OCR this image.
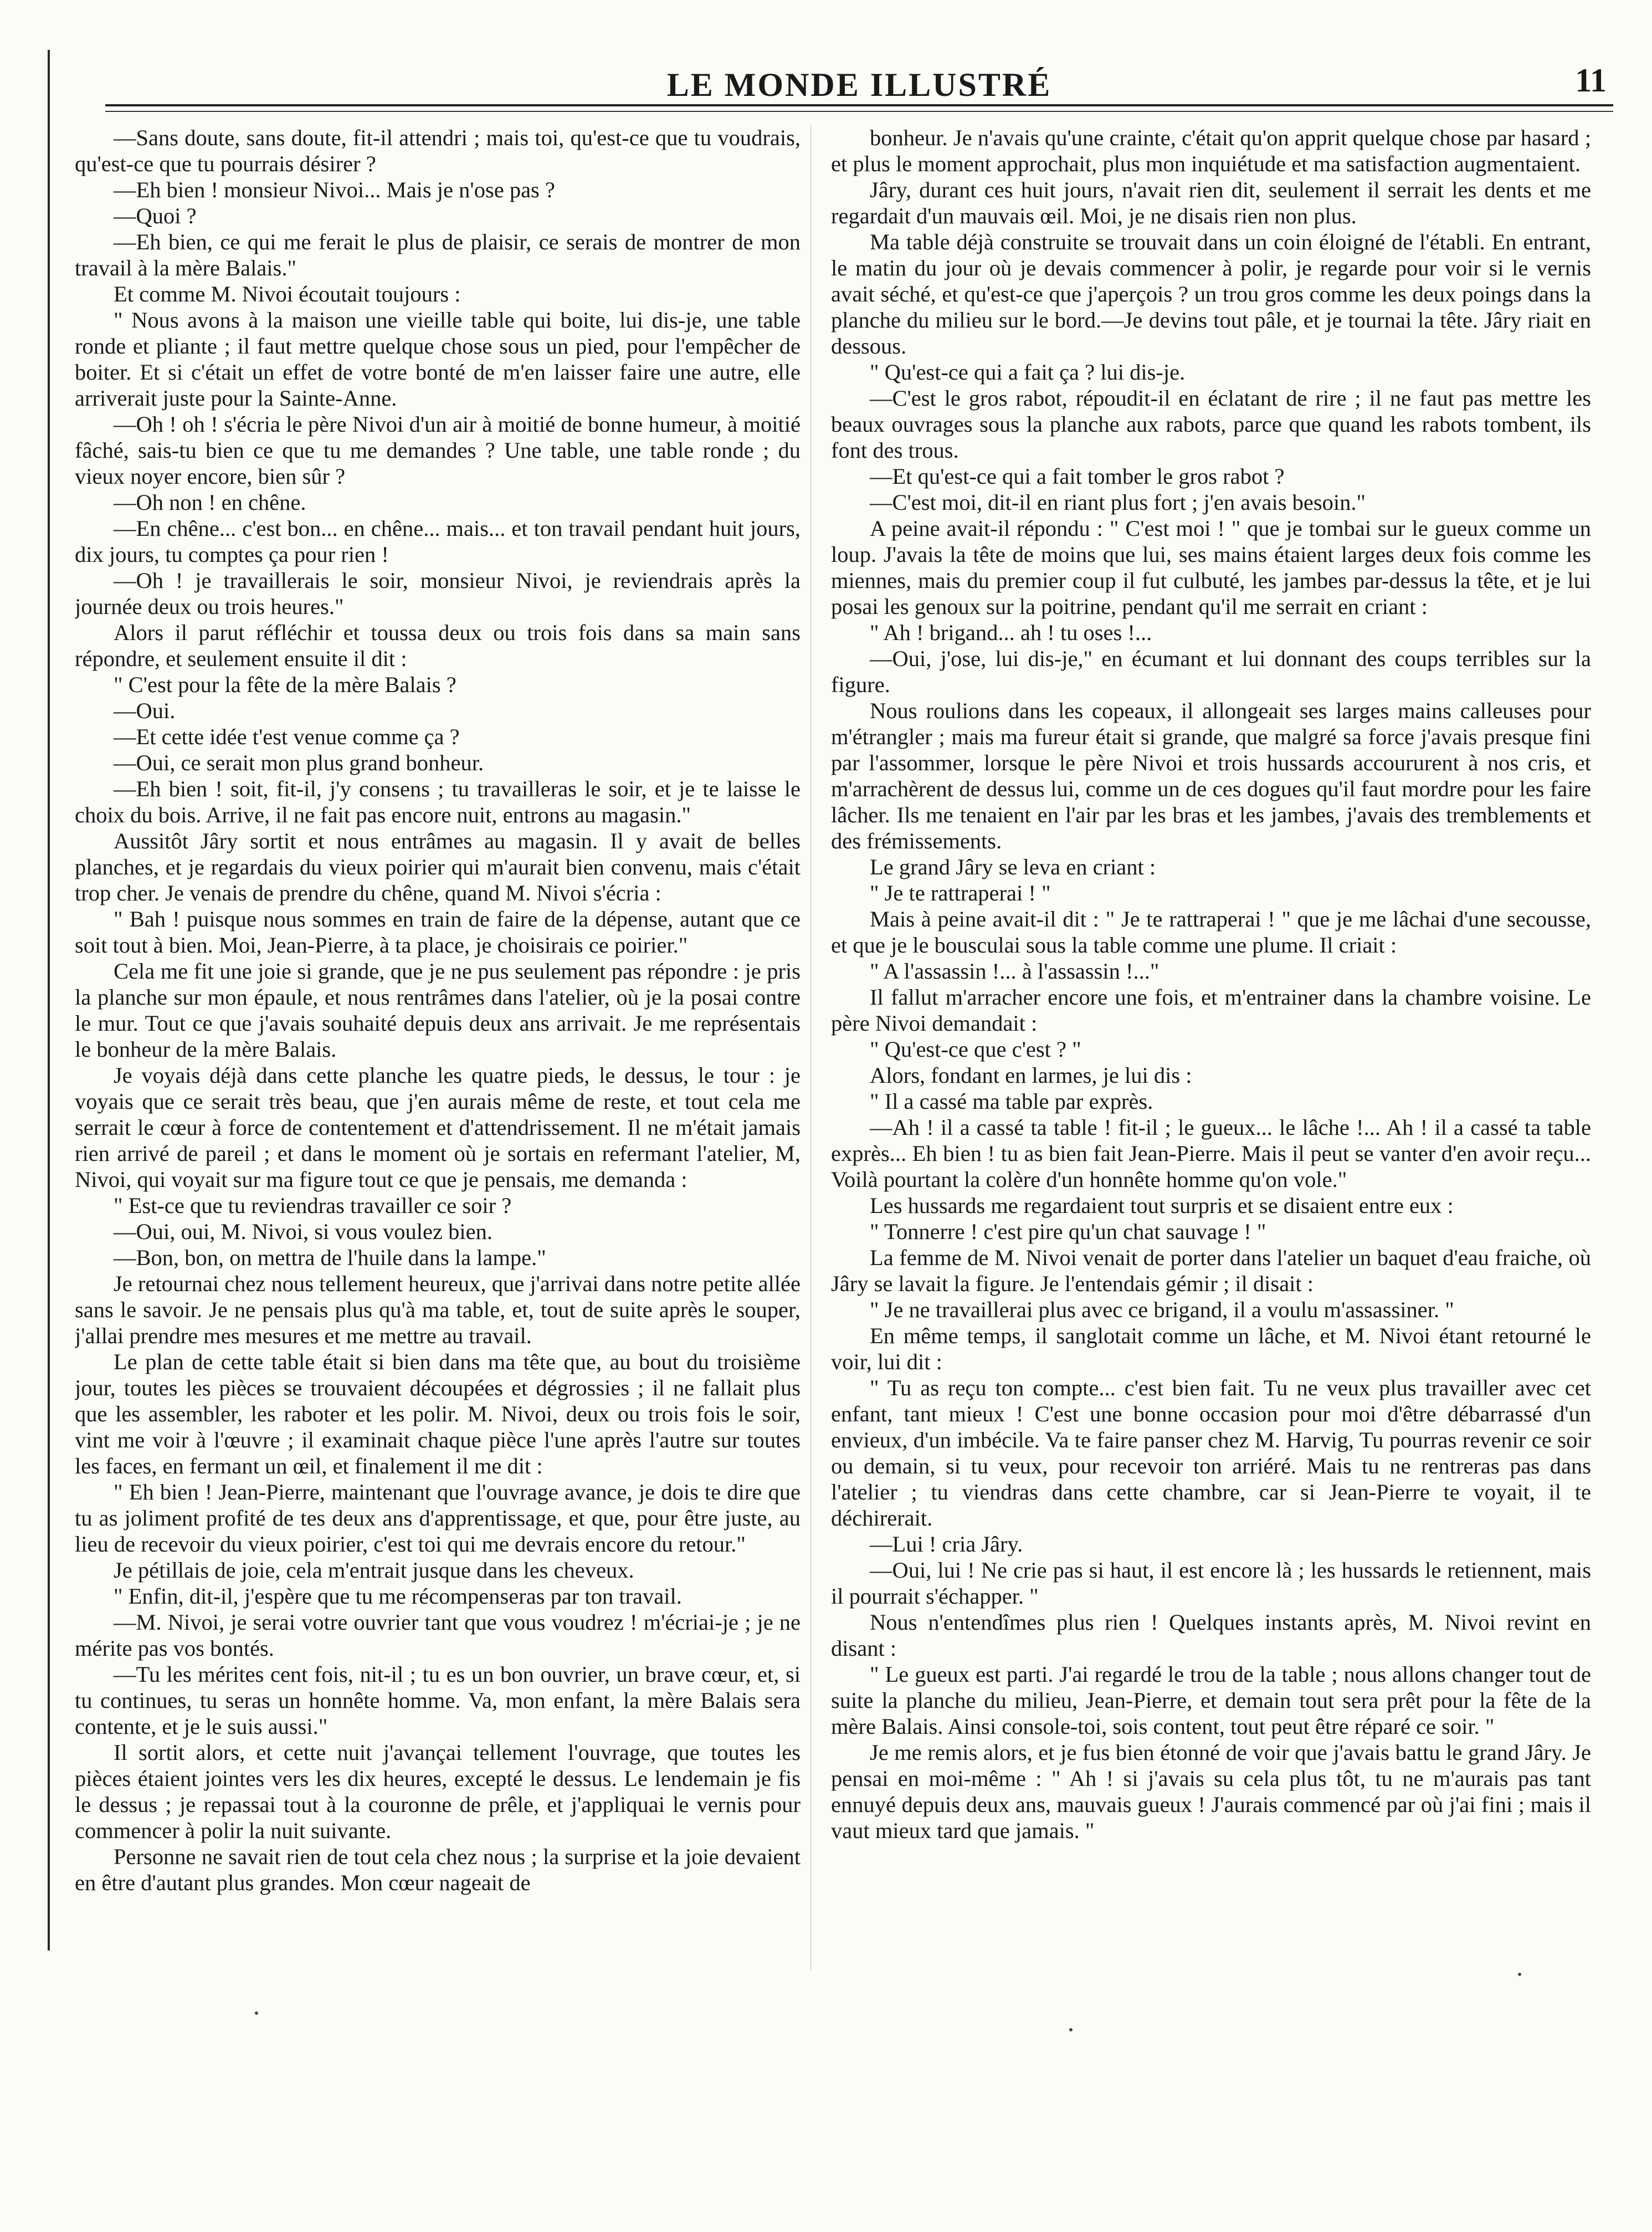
LE MONDE ILLUSTRÉ	11

—Sans doute, sans doute, fit-il attendri ; mais toi, qu'est-ce que tu voudrais, qu'est-ce que tu pourrais désirer ?

—Eh bien ! monsieur Nivoi... Mais je n'ose pas ?

—Quoi ?

—Eh bien, ce qui me ferait le plus de plaisir, ce serais de montrer de mon travail à la mère Balais."

Et comme M. Nivoi écoutait toujours :

" Nous avons à la maison une vieille table qui boite, lui dis-je, une table ronde et pliante ; il faut mettre quelque chose sous un pied, pour l'empêcher de boiter. Et si c'était un effet de votre bonté de m'en laisser faire une autre, elle arriverait juste pour la Sainte-Anne.

—Oh ! oh ! s'écria le père Nivoi d'un air à moitié de bonne humeur, à moitié fâché, sais-tu bien ce que tu me demandes ? Une table, une table ronde ; du vieux noyer encore, bien sûr ?

—Oh non ! en chêne.

—En chêne... c'est bon... en chêne... mais... et ton travail pendant huit jours, dix jours, tu comptes ça pour rien !

—Oh ! je travaillerais le soir, monsieur Nivoi, je reviendrais après la journée deux ou trois heures."

Alors il parut réfléchir et toussa deux ou trois fois dans sa main sans répondre, et seulement ensuite il dit :

" C'est pour la fête de la mère Balais ?

—Oui.

—Et cette idée t'est venue comme ça ?

—Oui, ce serait mon plus grand bonheur.

—Eh bien ! soit, fit-il, j'y consens ; tu travailleras le soir, et je te laisse le choix du bois. Arrive, il ne fait pas encore nuit, entrons au magasin."

Aussitôt Jâry sortit et nous entrâmes au magasin. Il y avait de belles planches, et je regardais du vieux poirier qui m'aurait bien convenu, mais c'était trop cher. Je venais de prendre du chêne, quand M. Nivoi s'écria :

" Bah ! puisque nous sommes en train de faire de la dépense, autant que ce soit tout à bien. Moi, Jean-Pierre, à ta place, je choisirais ce poirier."

Cela me fit une joie si grande, que je ne pus seulement pas répondre : je pris la planche sur mon épaule, et nous rentrâmes dans l'atelier, où je la posai contre le mur. Tout ce que j'avais souhaité depuis deux ans arrivait. Je me représentais le bonheur de la mère Balais.

Je voyais déjà dans cette planche les quatre pieds, le dessus, le tour : je voyais que ce serait très beau, que j'en aurais même de reste, et tout cela me serrait le cœur à force de contentement et d'attendrissement. Il ne m'était jamais rien arrivé de pareil ; et dans le moment où je sortais en refermant l'atelier, M, Nivoi, qui voyait sur ma figure tout ce que je pensais, me demanda :

" Est-ce que tu reviendras travailler ce soir ?

—Oui, oui, M. Nivoi, si vous voulez bien.

—Bon, bon, on mettra de l'huile dans la lampe."

Je retournai chez nous tellement heureux, que j'arrivai dans notre petite allée sans le savoir. Je ne pensais plus qu'à ma table, et, tout de suite après le souper, j'allai prendre mes mesures et me mettre au travail.

Le plan de cette table était si bien dans ma tête que, au bout du troisième jour, toutes les pièces se trouvaient découpées et dégrossies ; il ne fallait plus que les assembler, les raboter et les polir. M. Nivoi, deux ou trois fois le soir, vint me voir à l'œuvre ; il examinait chaque pièce l'une après l'autre sur toutes les faces, en fermant un œil, et finalement il me dit :

" Eh bien ! Jean-Pierre, maintenant que l'ouvrage avance, je dois te dire que tu as joliment profité de tes deux ans d'apprentissage, et que, pour être juste, au lieu de recevoir du vieux poirier, c'est toi qui me devrais encore du retour."

Je pétillais de joie, cela m'entrait jusque dans les cheveux.

" Enfin, dit-il, j'espère que tu me récompenseras par ton travail.

—M. Nivoi, je serai votre ouvrier tant que vous voudrez ! m'écriai-je ; je ne mérite pas vos bontés.

—Tu les mérites cent fois, nit-il ; tu es un bon ouvrier, un brave cœur, et, si tu continues, tu seras un honnête homme. Va, mon enfant, la mère Balais sera contente, et je le suis aussi."

Il sortit alors, et cette nuit j'avançai tellement l'ouvrage, que toutes les pièces étaient jointes vers les dix heures, excepté le dessus. Le lendemain je fis le dessus ; je repassai tout à la couronne de prêle, et j'appliquai le vernis pour commencer à polir la nuit suivante.

Personne ne savait rien de tout cela chez nous ; la surprise et la joie devaient en être d'autant plus grandes. Mon cœur nageait de

bonheur. Je n'avais qu'une crainte, c'était qu'on apprit quelque chose par hasard ; et plus le moment approchait, plus mon inquiétude et ma satisfaction augmentaient.

Jâry, durant ces huit jours, n'avait rien dit, seulement il serrait les dents et me regardait d'un mauvais œil. Moi, je ne disais rien non plus.

Ma table déjà construite se trouvait dans un coin éloigné de l'établi. En entrant, le matin du jour où je devais commencer à polir, je regarde pour voir si le vernis avait séché, et qu'est-ce que j'aperçois ? un trou gros comme les deux poings dans la planche du milieu sur le bord.—Je devins tout pâle, et je tournai la tête. Jâry riait en dessous.

" Qu'est-ce qui a fait ça ? lui dis-je.

—C'est le gros rabot, répoudit-il en éclatant de rire ; il ne faut pas mettre les beaux ouvrages sous la planche aux rabots, parce que quand les rabots tombent, ils font des trous.

—Et qu'est-ce qui a fait tomber le gros rabot ?

—C'est moi, dit-il en riant plus fort ; j'en avais besoin."

A peine avait-il répondu : " C'est moi ! " que je tombai sur le gueux comme un loup. J'avais la tête de moins que lui, ses mains étaient larges deux fois comme les miennes, mais du premier coup il fut culbuté, les jambes par-dessus la tête, et je lui posai les genoux sur la poitrine, pendant qu'il me serrait en criant :

" Ah ! brigand... ah ! tu oses !...

—Oui, j'ose, lui dis-je," en écumant et lui donnant des coups terribles sur la figure.

Nous roulions dans les copeaux, il allongeait ses larges mains calleuses pour m'étrangler ; mais ma fureur était si grande, que malgré sa force j'avais presque fini par l'assommer, lorsque le père Nivoi et trois hussards accoururent à nos cris, et m'arrachèrent de dessus lui, comme un de ces dogues qu'il faut mordre pour les faire lâcher. Ils me tenaient en l'air par les bras et les jambes, j'avais des tremblements et des frémissements.

Le grand Jâry se leva en criant :

" Je te rattraperai ! "

Mais à peine avait-il dit : " Je te rattraperai ! " que je me lâchai d'une secousse, et que je le bousculai sous la table comme une plume. Il criait :

" A l'assassin !... à l'assassin !..."

Il fallut m'arracher encore une fois, et m'entrainer dans la chambre voisine. Le père Nivoi demandait :

" Qu'est-ce que c'est ? "

Alors, fondant en larmes, je lui dis :

" Il a cassé ma table par exprès.

—Ah ! il a cassé ta table ! fit-il ; le gueux... le lâche !... Ah ! il a cassé ta table exprès... Eh bien ! tu as bien fait Jean-Pierre. Mais il peut se vanter d'en avoir reçu... Voilà pourtant la colère d'un honnête homme qu'on vole."

Les hussards me regardaient tout surpris et se disaient entre eux :

" Tonnerre ! c'est pire qu'un chat sauvage ! "

La femme de M. Nivoi venait de porter dans l'atelier un baquet d'eau fraiche, où Jâry se lavait la figure. Je l'entendais gémir ; il disait :

" Je ne travaillerai plus avec ce brigand, il a voulu m'assassiner. "

En même temps, il sanglotait comme un lâche, et M. Nivoi étant retourné le voir, lui dit :

" Tu as reçu ton compte... c'est bien fait. Tu ne veux plus travailler avec cet enfant, tant mieux ! C'est une bonne occasion pour moi d'être débarrassé d'un envieux, d'un imbécile. Va te faire panser chez M. Harvig, Tu pourras revenir ce soir ou demain, si tu veux, pour recevoir ton arriéré. Mais tu ne rentreras pas dans l'atelier ; tu viendras dans cette chambre, car si Jean-Pierre te voyait, il te déchirerait.

—Lui ! cria Jâry.

—Oui, lui ! Ne crie pas si haut, il est encore là ; les hussards le retiennent, mais il pourrait s'échapper. "

Nous n'entendîmes plus rien ! Quelques instants après, M. Nivoi revint en disant :

" Le gueux est parti. J'ai regardé le trou de la table ; nous allons changer tout de suite la planche du milieu, Jean-Pierre, et demain tout sera prêt pour la fête de la mère Balais. Ainsi console-toi, sois content, tout peut être réparé ce soir. "

Je me remis alors, et je fus bien étonné de voir que j'avais battu le grand Jâry. Je pensai en moi-même : " Ah ! si j'avais su cela plus tôt, tu ne m'aurais pas tant ennuyé depuis deux ans, mauvais gueux ! J'aurais commencé par où j'ai fini ; mais il vaut mieux tard que jamais. "
